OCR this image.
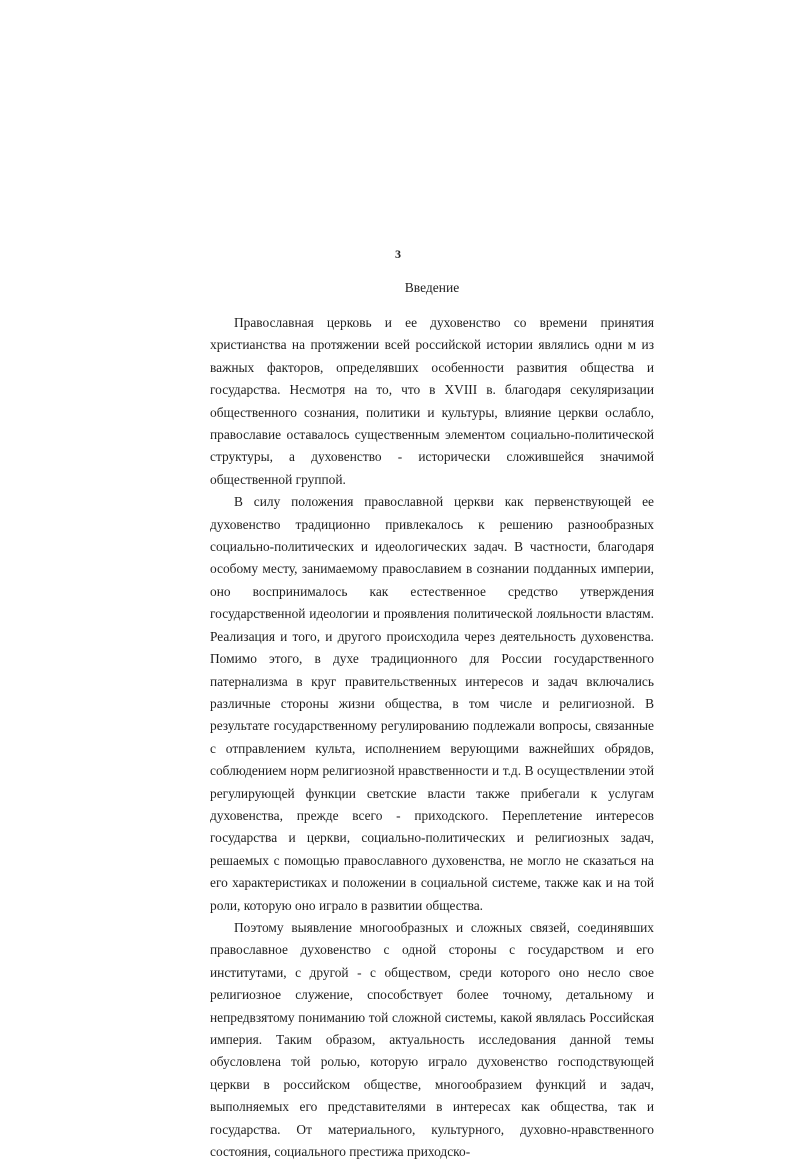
3
Введение

Православная церковь и ее духовенство со времени принятия христианства на протяжении всей российской истории являлись одни м из важных факторов, определявших особенности развития общества и государства. Несмотря на то, что в XVIII в. благодаря секуляризации общественного сознания, политики и культуры, влияние церкви ослабло, православие оставалось существенным элементом социально-политической структуры, а духовенство - исторически сложившейся значимой общественной группой.

В силу положения православной церкви как первенствующей ее духовенство традиционно привлекалось к решению разнообразных социально-политических и идеологических задач. В частности, благодаря особому месту, занимаемому православием в сознании подданных империи, оно воспринималось как естественное средство утверждения государственной идеологии и проявления политической лояльности властям. Реализация и того, и другого происходила через деятельность духовенства. Помимо этого, в духе традиционного для России государственного патернализма в круг правительственных интересов и задач включались различные стороны жизни общества, в том числе и религиозной. В результате государственному регулированию подлежали вопросы, связанные с отправлением культа, исполнением верующими важнейших обрядов, соблюдением норм религиозной нравственности и т.д. В осуществлении этой регулирующей функции светские власти также прибегали к услугам духовенства, прежде всего - приходского. Переплетение интересов государства и церкви, социально-политических и религиозных задач, решаемых с помощью православного духовенства, не могло не сказаться на его характеристиках и положении в социальной системе, также как и на той роли, которую оно играло в развитии общества.

Поэтому выявление многообразных и сложных связей, соединявших православное духовенство с одной стороны с государством и его институтами, с другой - с обществом, среди которого оно несло свое религиозное служение, способствует более точному, детальному и непредвзятому пониманию той сложной системы, какой являлась Российская империя. Таким образом, актуальность исследования данной темы обусловлена той ролью, которую играло духовенство господствующей церкви в российском обществе, многообразием функций и задач, выполняемых его представителями в интересах как общества, так и государства. От материального, культурного, духовно-нравственного состояния, социального престижа приходско-
